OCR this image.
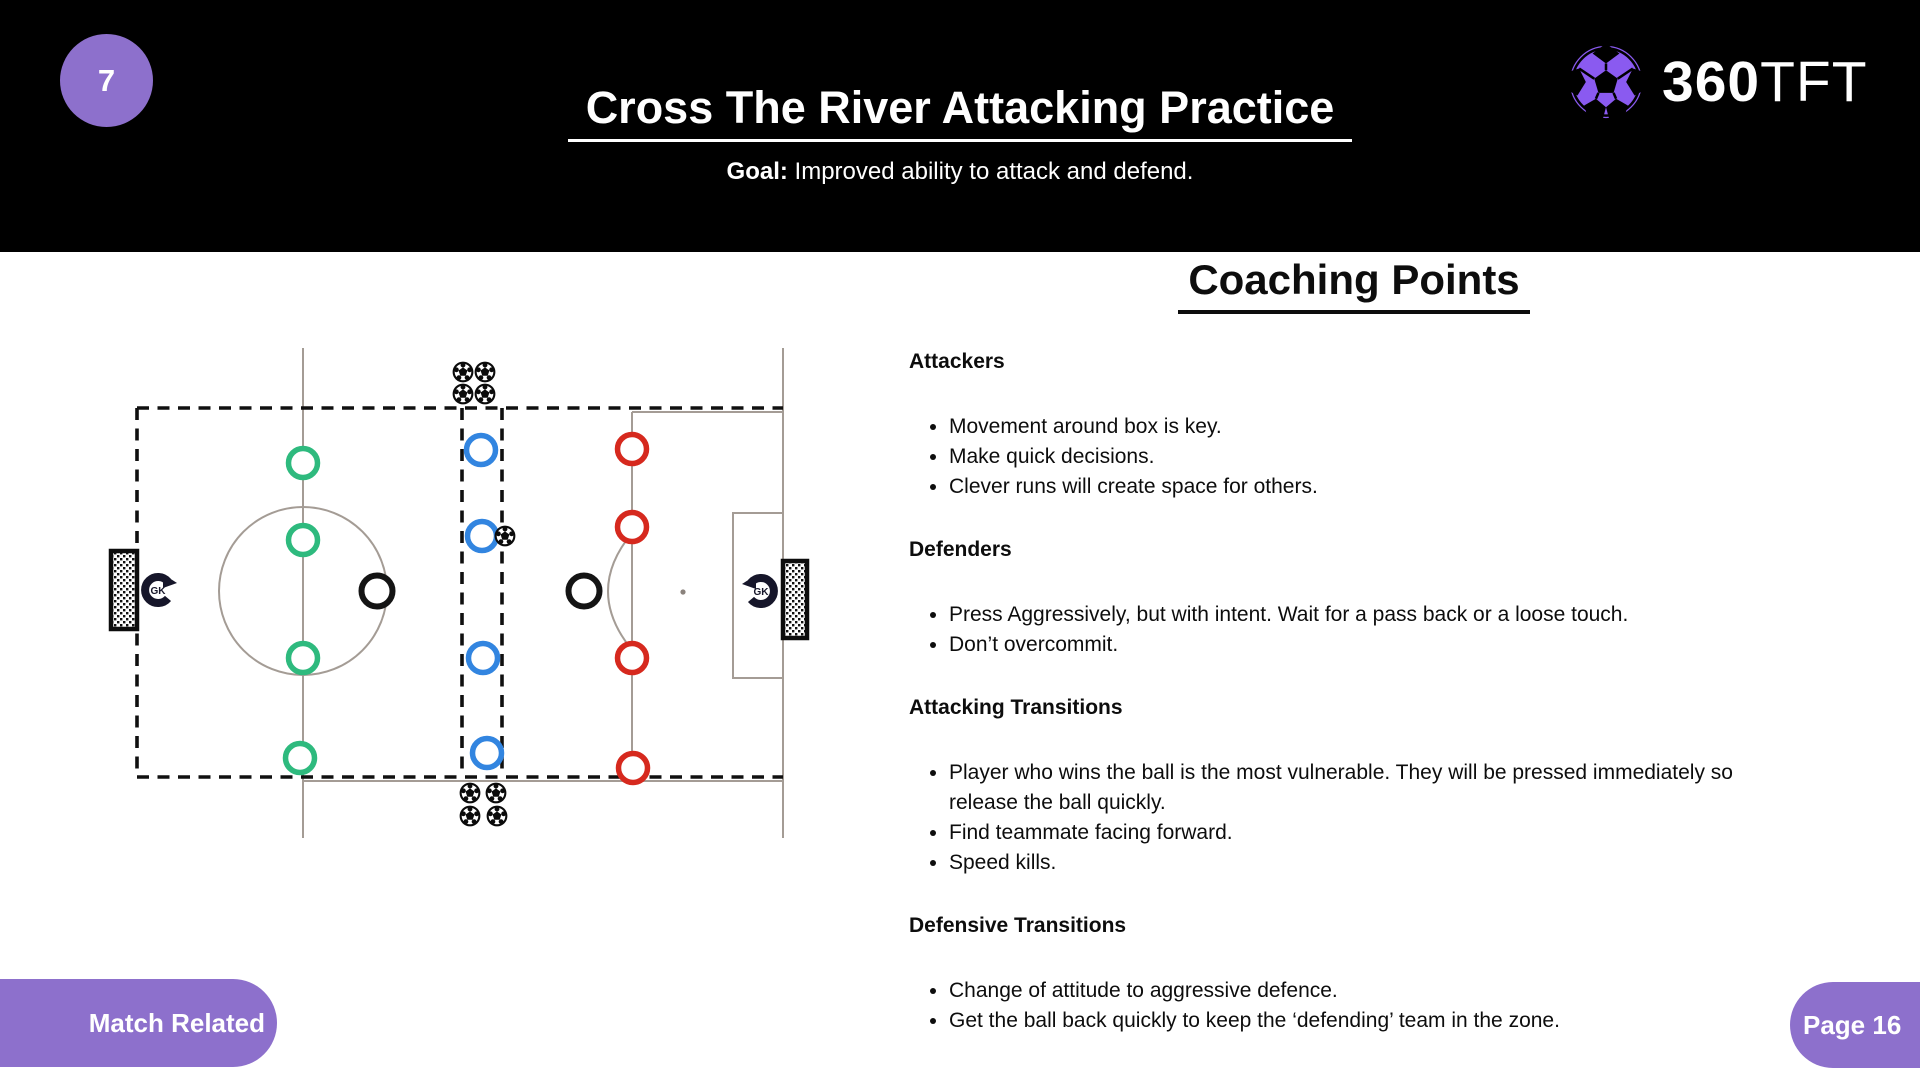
7
Cross The River Attacking Practice
Goal: Improved ability to attack and defend.
360TFT
GK	GK
Coaching Points
Attackers
• Movement around box is key.
• Make quick decisions.
• Clever runs will create space for others.
Defenders
• Press Aggressively, but with intent. Wait for a pass back or a loose touch.
• Don’t overcommit.
Attacking Transitions
• Player who wins the ball is the most vulnerable. They will be pressed immediately so release the ball quickly.
• Find teammate facing forward.
• Speed kills.
Defensive Transitions
• Change of attitude to aggressive defence.
• Get the ball back quickly to keep the ‘defending’ team in the zone.
Match Related	Page 16
